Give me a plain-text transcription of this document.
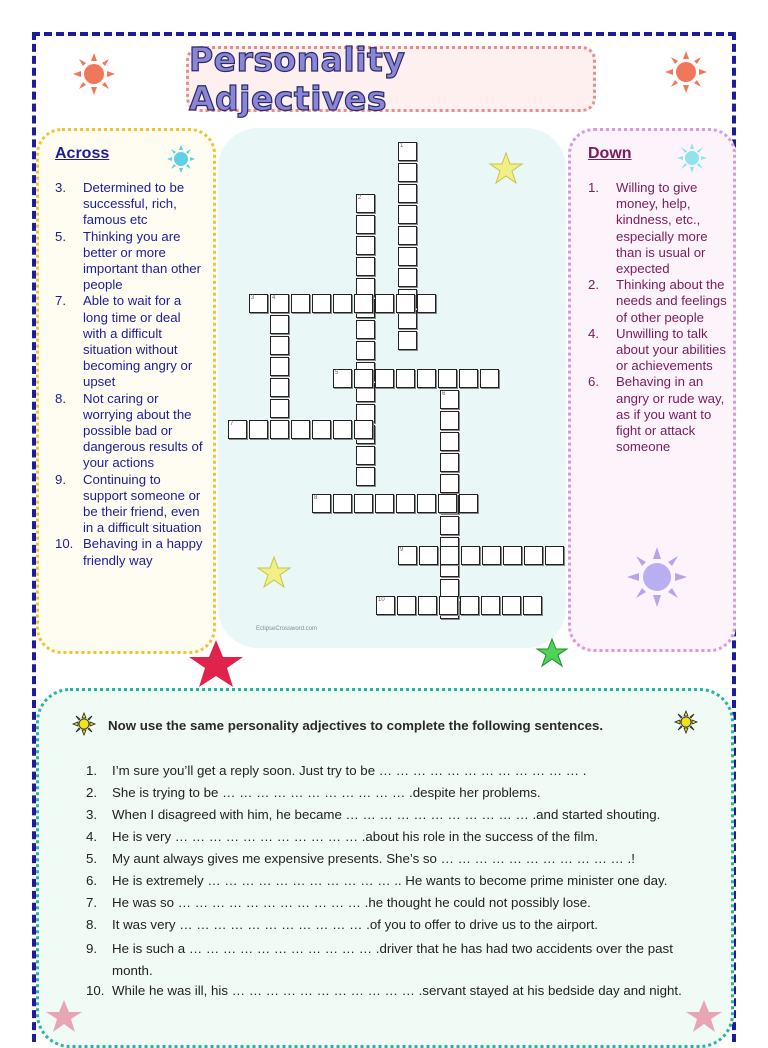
Personality Adjectives
Across
3.	Determined to be successful, rich, famous etc
5.	Thinking you are better or more important than other people
7.	Able to wait for a long time or deal with a difficult situation without becoming angry or upset
8.	Not caring or worrying about the possible bad or dangerous results of your actions
9.	Continuing to support someone or be their friend, even in a difficult situation
10. Behaving in a happy friendly way
1
2
3	4
5
6
7
8
9
10
EclipseCrossword.com
Down
1.	Willing to give money, help, kindness, etc., especially more than is usual or expected
2.	Thinking about the needs and feelings of other people
4.	Unwilling to talk about your abilities or achievements
6.	Behaving in an angry or rude way, as if you want to fight or attack someone
Now use the same personality adjectives to complete the following sentences.
1.	I’m sure you’ll get a reply soon. Just try to be … … … … … … … … … … … … .
2.	She is trying to be … … … … … … … … … … … .despite her problems.
3.	When I disagreed with him, he became … … … … … … … … … … … .and started shouting.
4.	He is very … … … … … … … … … … … .about his role in the success of the film.
5.	My aunt always gives me expensive presents. She’s so … … … … … … … … … … … .!
6.	He is extremely … … … … … … … … … … … .. He wants to become prime minister one day.
7.	He was so … … … … … … … … … … … .he thought he could not possibly lose.
8.	It was very … … … … … … … … … … … .of you to offer to drive us to the airport.
9.	He is such a … … … … … … … … … … … .driver that he has had two accidents over the past month.
10. While he was ill, his … … … … … … … … … … … .servant stayed at his bedside day and night.
